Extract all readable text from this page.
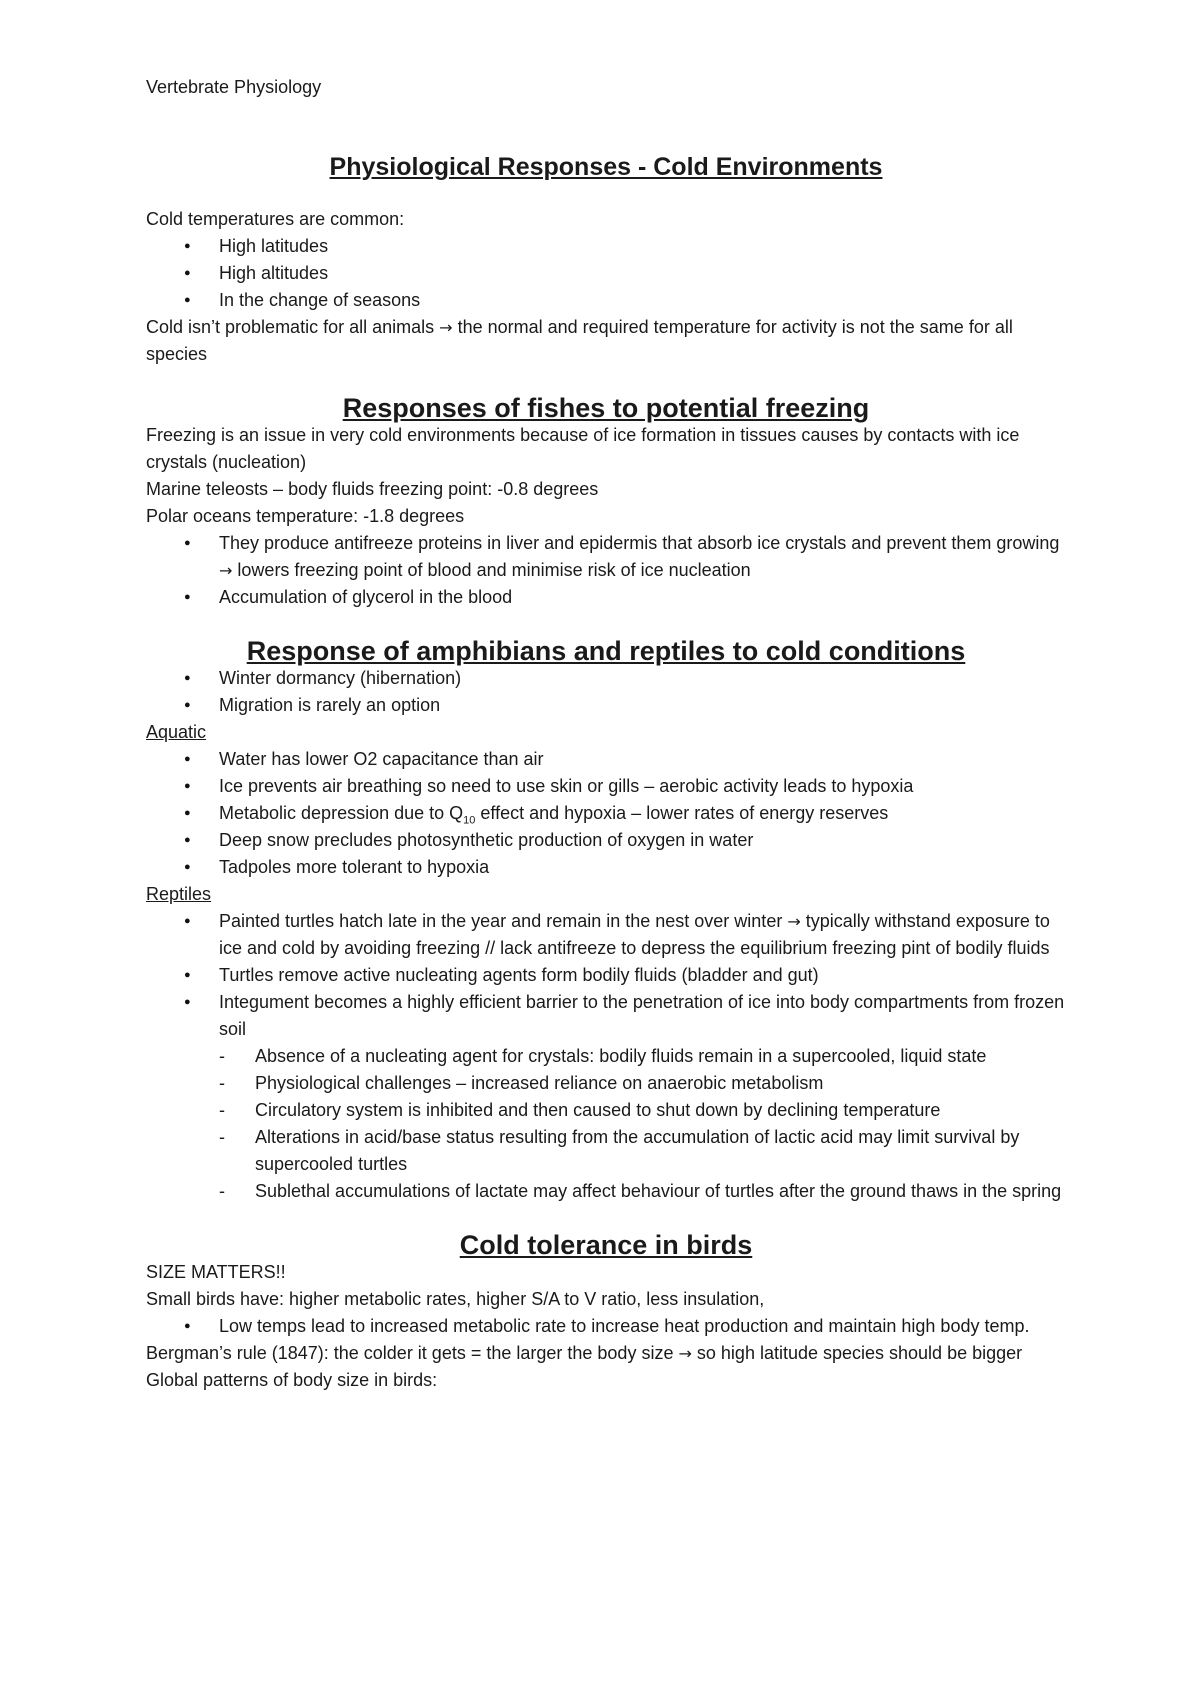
Vertebrate Physiology
Physiological Responses - Cold Environments

Cold temperatures are common:

● High latitudes
● High altitudes
● In the change of seasons

Cold isn’t problematic for all animals → the normal and required temperature for activity is not the same for all species

Responses of fishes to potential freezing

Freezing is an issue in very cold environments because of ice formation in tissues causes by contacts with ice crystals (nucleation)

Marine teleosts – body fluids freezing point: -0.8 degrees

Polar oceans temperature: -1.8 degrees

● They produce antifreeze proteins in liver and epidermis that absorb ice crystals and prevent them growing → lowers freezing point of blood and minimise risk of ice nucleation
● Accumulation of glycerol in the blood
Response of amphibians and reptiles to cold conditions
● Winter dormancy (hibernation)
● Migration is rarely an option

Aquatic

● Water has lower O2 capacitance than air
● Ice prevents air breathing so need to use skin or gills – aerobic activity leads to hypoxia
● Metabolic depression due to $Q_{10}$ effect and hypoxia – lower rates of energy reserves
● Deep snow precludes photosynthetic production of oxygen in water
● Tadpoles more tolerant to hypoxia

Reptiles

● Painted turtles hatch late in the year and remain in the nest over winter → typically withstand exposure to ice and cold by avoiding freezing // lack antifreeze to depress the equilibrium freezing pint of bodily fluids
● Turtles remove active nucleating agents form bodily fluids (bladder and gut)
● Integument becomes a highly efficient barrier to the penetration of ice into body compartments from frozen soil
- Absence of a nucleating agent for crystals: bodily fluids remain in a supercooled, liquid state
- Physiological challenges – increased reliance on anaerobic metabolism
- Circulatory system is inhibited and then caused to shut down by declining temperature
- Alterations in acid/base status resulting from the accumulation of lactic acid may limit survival by supercooled turtles
- Sublethal accumulations of lactate may affect behaviour of turtles after the ground thaws in the spring
Cold tolerance in birds

SIZE MATTERS!!

Small birds have: higher metabolic rates, higher S/A to V ratio, less insulation,

● Low temps lead to increased metabolic rate to increase heat production and maintain high body temp.

Bergman’s rule (1847): the colder it gets = the larger the body size → so high latitude species should be bigger

Global patterns of body size in birds:
